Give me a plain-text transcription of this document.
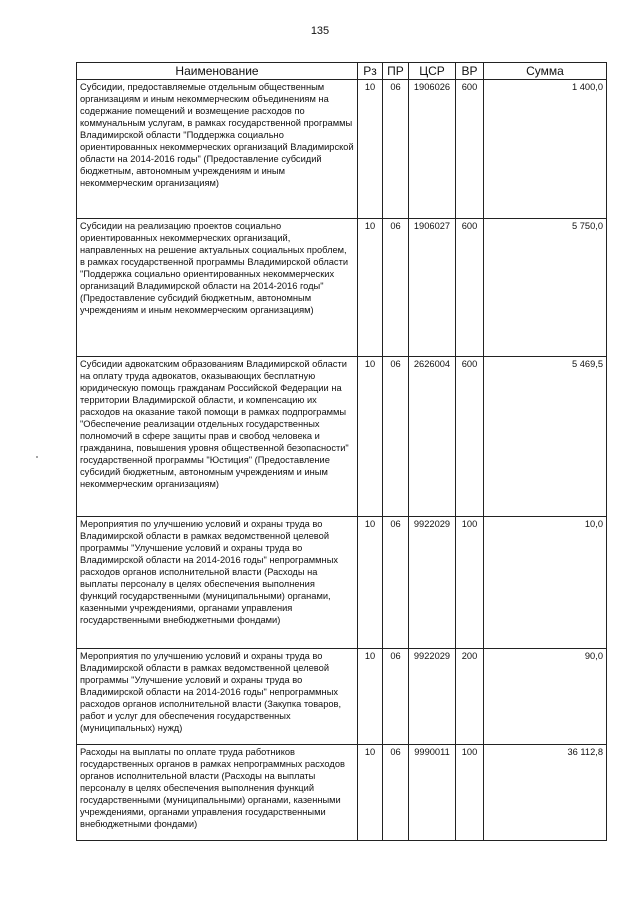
135
Наименование	Рз	ПР	ЦСР	ВР	Сумма
Субсидии, предоставляемые отдельным общественным организациям и иным некоммерческим объединениям на содержание помещений и возмещение расходов по коммунальным услугам, в рамках государственной программы Владимирской области "Поддержка социально ориентированных некоммерческих организаций Владимирской области на 2014-2016 годы" (Предоставление субсидий бюджетным, автономным учреждениям и иным некоммерческим организациям)	10	06	1906026	600	1 400,0
Субсидии на реализацию проектов социально ориентированных некоммерческих организаций, направленных на решение актуальных социальных проблем, в рамках государственной программы Владимирской области "Поддержка социально ориентированных некоммерческих организаций Владимирской области на 2014-2016 годы" (Предоставление субсидий бюджетным, автономным учреждениям и иным некоммерческим организациям)	10	06	1906027	600	5 750,0
Субсидии адвокатским образованиям Владимирской области на оплату труда адвокатов, оказывающих бесплатную юридическую помощь гражданам Российской Федерации на территории Владимирской области, и компенсацию их расходов на оказание такой помощи в рамках подпрограммы "Обеспечение реализации отдельных государственных полномочий в сфере защиты прав и свобод человека и гражданина, повышения уровня общественной безопасности" государственной программы "Юстиция" (Предоставление субсидий бюджетным, автономным учреждениям и иным некоммерческим организациям)	10	06	2626004	600	5 469,5
Мероприятия по улучшению условий и охраны труда во Владимирской области в рамках ведомственной целевой программы "Улучшение условий и охраны труда во Владимирской области на 2014-2016 годы" непрограммных расходов органов исполнительной власти (Расходы на выплаты персоналу в целях обеспечения выполнения функций государственными (муниципальными) органами, казенными учреждениями, органами управления государственными внебюджетными фондами)	10	06	9922029	100	10,0
Мероприятия по улучшению условий и охраны труда во Владимирской области в рамках ведомственной целевой программы "Улучшение условий и охраны труда во Владимирской области на 2014-2016 годы" непрограммных расходов органов исполнительной власти (Закупка товаров, работ и услуг для обеспечения государственных (муниципальных) нужд)	10	06	9922029	200	90,0
Расходы на выплаты по оплате труда работников государственных органов в рамках непрограммных расходов органов исполнительной власти (Расходы на выплаты персоналу в целях обеспечения выполнения функций государственными (муниципальными) органами, казенными учреждениями, органами управления государственными внебюджетными фондами)	10	06	9990011	100	36 112,8
